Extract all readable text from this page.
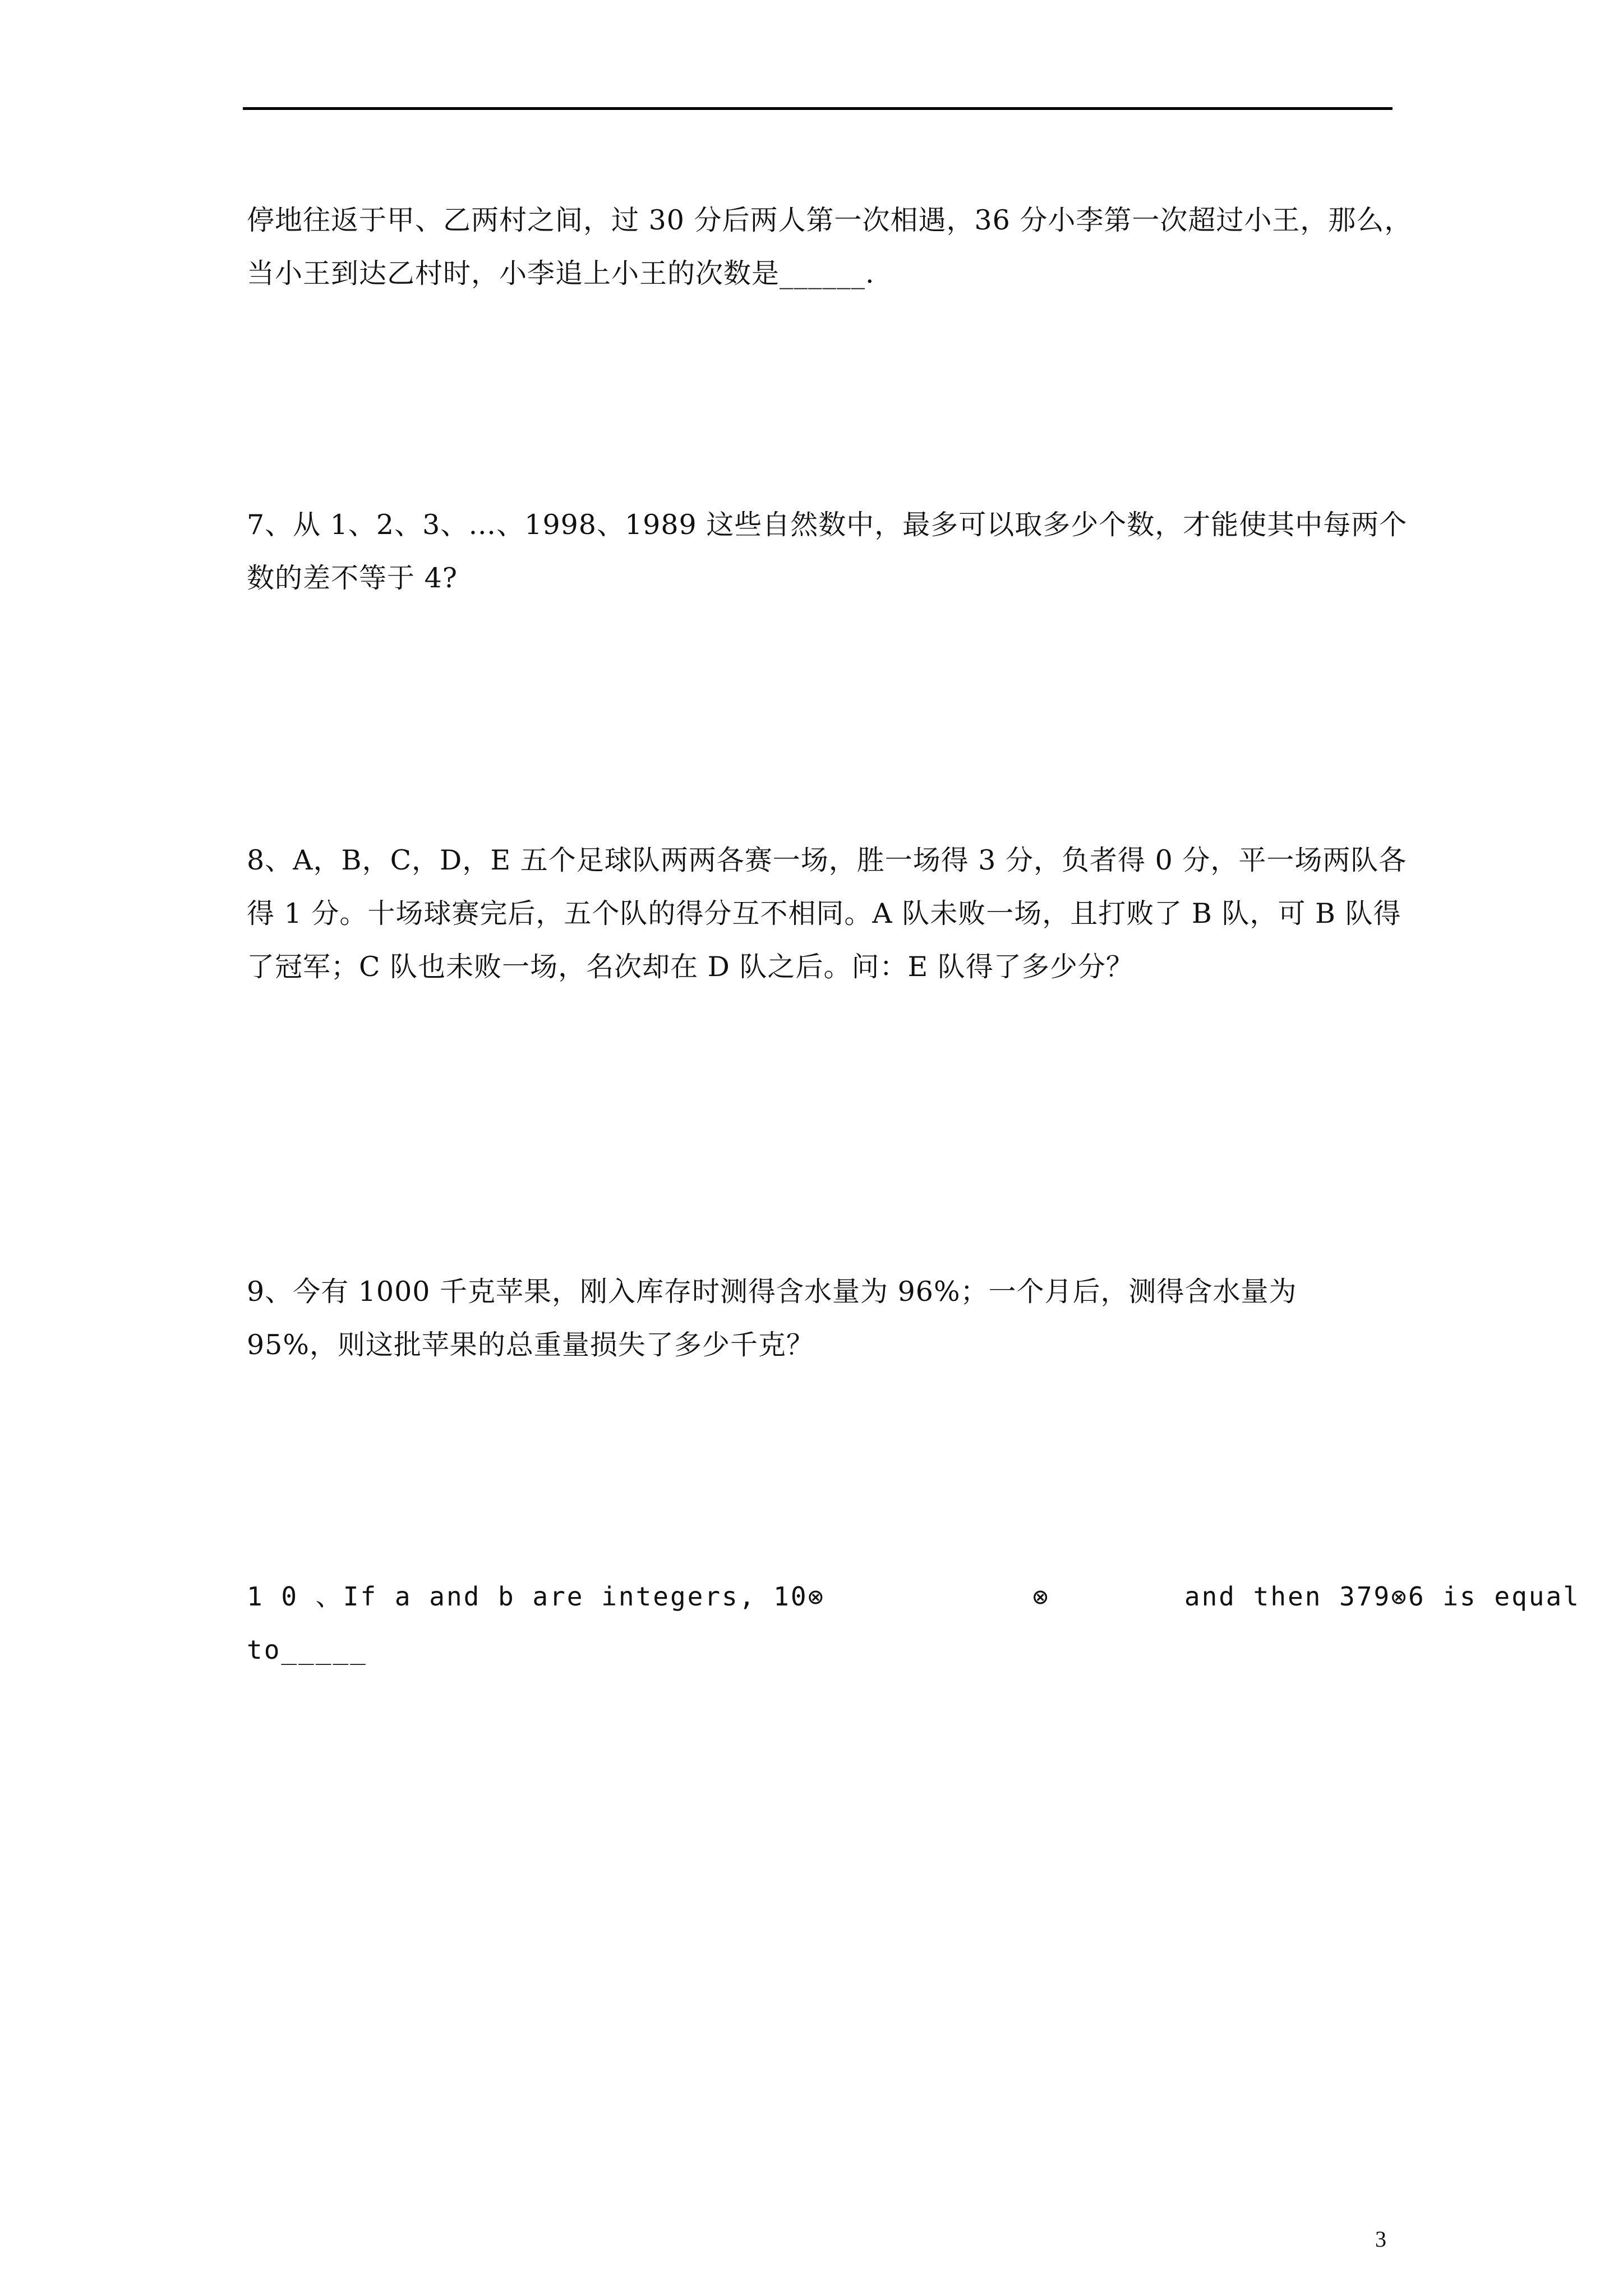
停地往返于甲、乙两村之间，过 30 分后两人第一次相遇，36 分小李第一次超过小王，那么，
当小王到达乙村时，小李追上小王的次数是______.
7、从 1、2、3、…、1998、1989 这些自然数中，最多可以取多少个数，才能使其中每两个
数的差不等于 4?
8、A，B，C，D，E 五个足球队两两各赛一场，胜一场得 3 分，负者得 0 分，平一场两队各
得 1 分。十场球赛完后，五个队的得分互不相同。A 队未败一场，且打败了 B 队，可 B 队得
了冠军；C 队也未败一场，名次却在 D 队之后。问：E 队得了多少分？
9、今有 1000 千克苹果，刚入库存时测得含水量为 96%；一个月后，测得含水量为
95%，则这批苹果的总重量损失了多少千克？
1 0 、If a and b are integers, 10⊗	⊗	and then 379⊗6 is equal
to_____
3
